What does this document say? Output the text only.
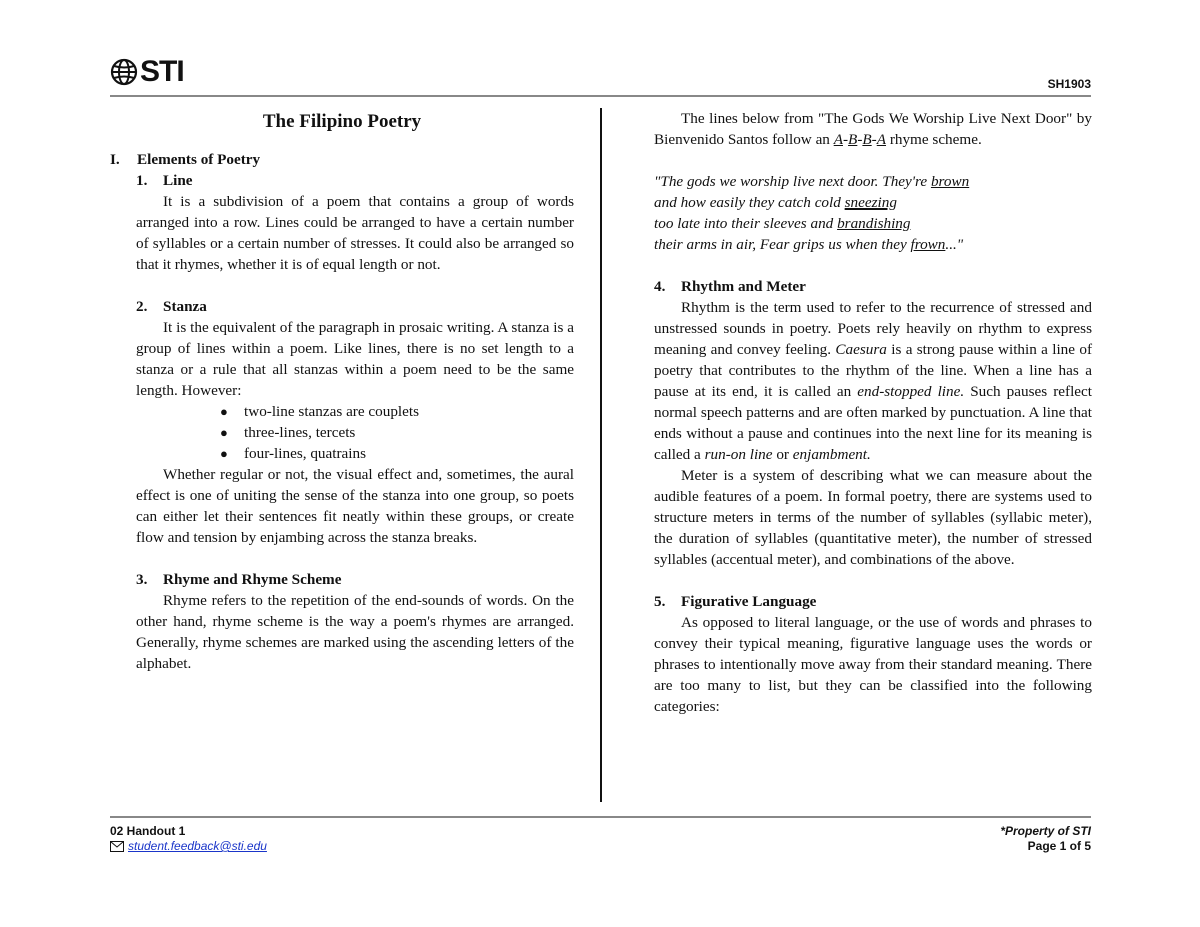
STI	SH1903
The Filipino Poetry
I.	Elements of Poetry
1.	Line

It is a subdivision of a poem that contains a group of words arranged into a row. Lines could be arranged to have a certain number of syllables or a certain number of stresses. It could also be arranged so that it rhymes, whether it is of equal length or not.

2.	Stanza

It is the equivalent of the paragraph in prosaic writing. A stanza is a group of lines within a poem. Like lines, there is no set length to a stanza or a rule that all stanzas within a poem need to be the same length. However:

●	two-line stanzas are couplets
●	three-lines, tercets
●	four-lines, quatrains

Whether regular or not, the visual effect and, sometimes, the aural effect is one of uniting the sense of the stanza into one group, so poets can either let their sentences fit neatly within these groups, or create flow and tension by enjambing across the stanza breaks.

3.	Rhyme and Rhyme Scheme

Rhyme refers to the repetition of the end-sounds of words. On the other hand, rhyme scheme is the way a poem's rhymes are arranged. Generally, rhyme schemes are marked using the ascending letters of the alphabet.

The lines below from "The Gods We Worship Live Next Door" by Bienvenido Santos follow an A-B-B-A rhyme scheme.

"The gods we worship live next door. They're brown

and how easily they catch cold sneezing

too late into their sleeves and brandishing

their arms in air, Fear grips us when they frown..."

4.	Rhythm and Meter

Rhythm is the term used to refer to the recurrence of stressed and unstressed sounds in poetry. Poets rely heavily on rhythm to express meaning and convey feeling. Caesura is a strong pause within a line of poetry that contributes to the rhythm of the line. When a line has a pause at its end, it is called an end-stopped line. Such pauses reflect normal speech patterns and are often marked by punctuation. A line that ends without a pause and continues into the next line for its meaning is called a run-on line or enjambment.

Meter is a system of describing what we can measure about the audible features of a poem. In formal poetry, there are systems used to structure meters in terms of the number of syllables (syllabic meter), the duration of syllables (quantitative meter), the number of stressed syllables (accentual meter), and combinations of the above.

5.	Figurative Language

As opposed to literal language, or the use of words and phrases to convey their typical meaning, figurative language uses the words or phrases to intentionally move away from their standard meaning. There are too many to list, but they can be classified into the following categories:

02 Handout 1
student.feedback@sti.edu
*Property of STI
Page 1 of 5
